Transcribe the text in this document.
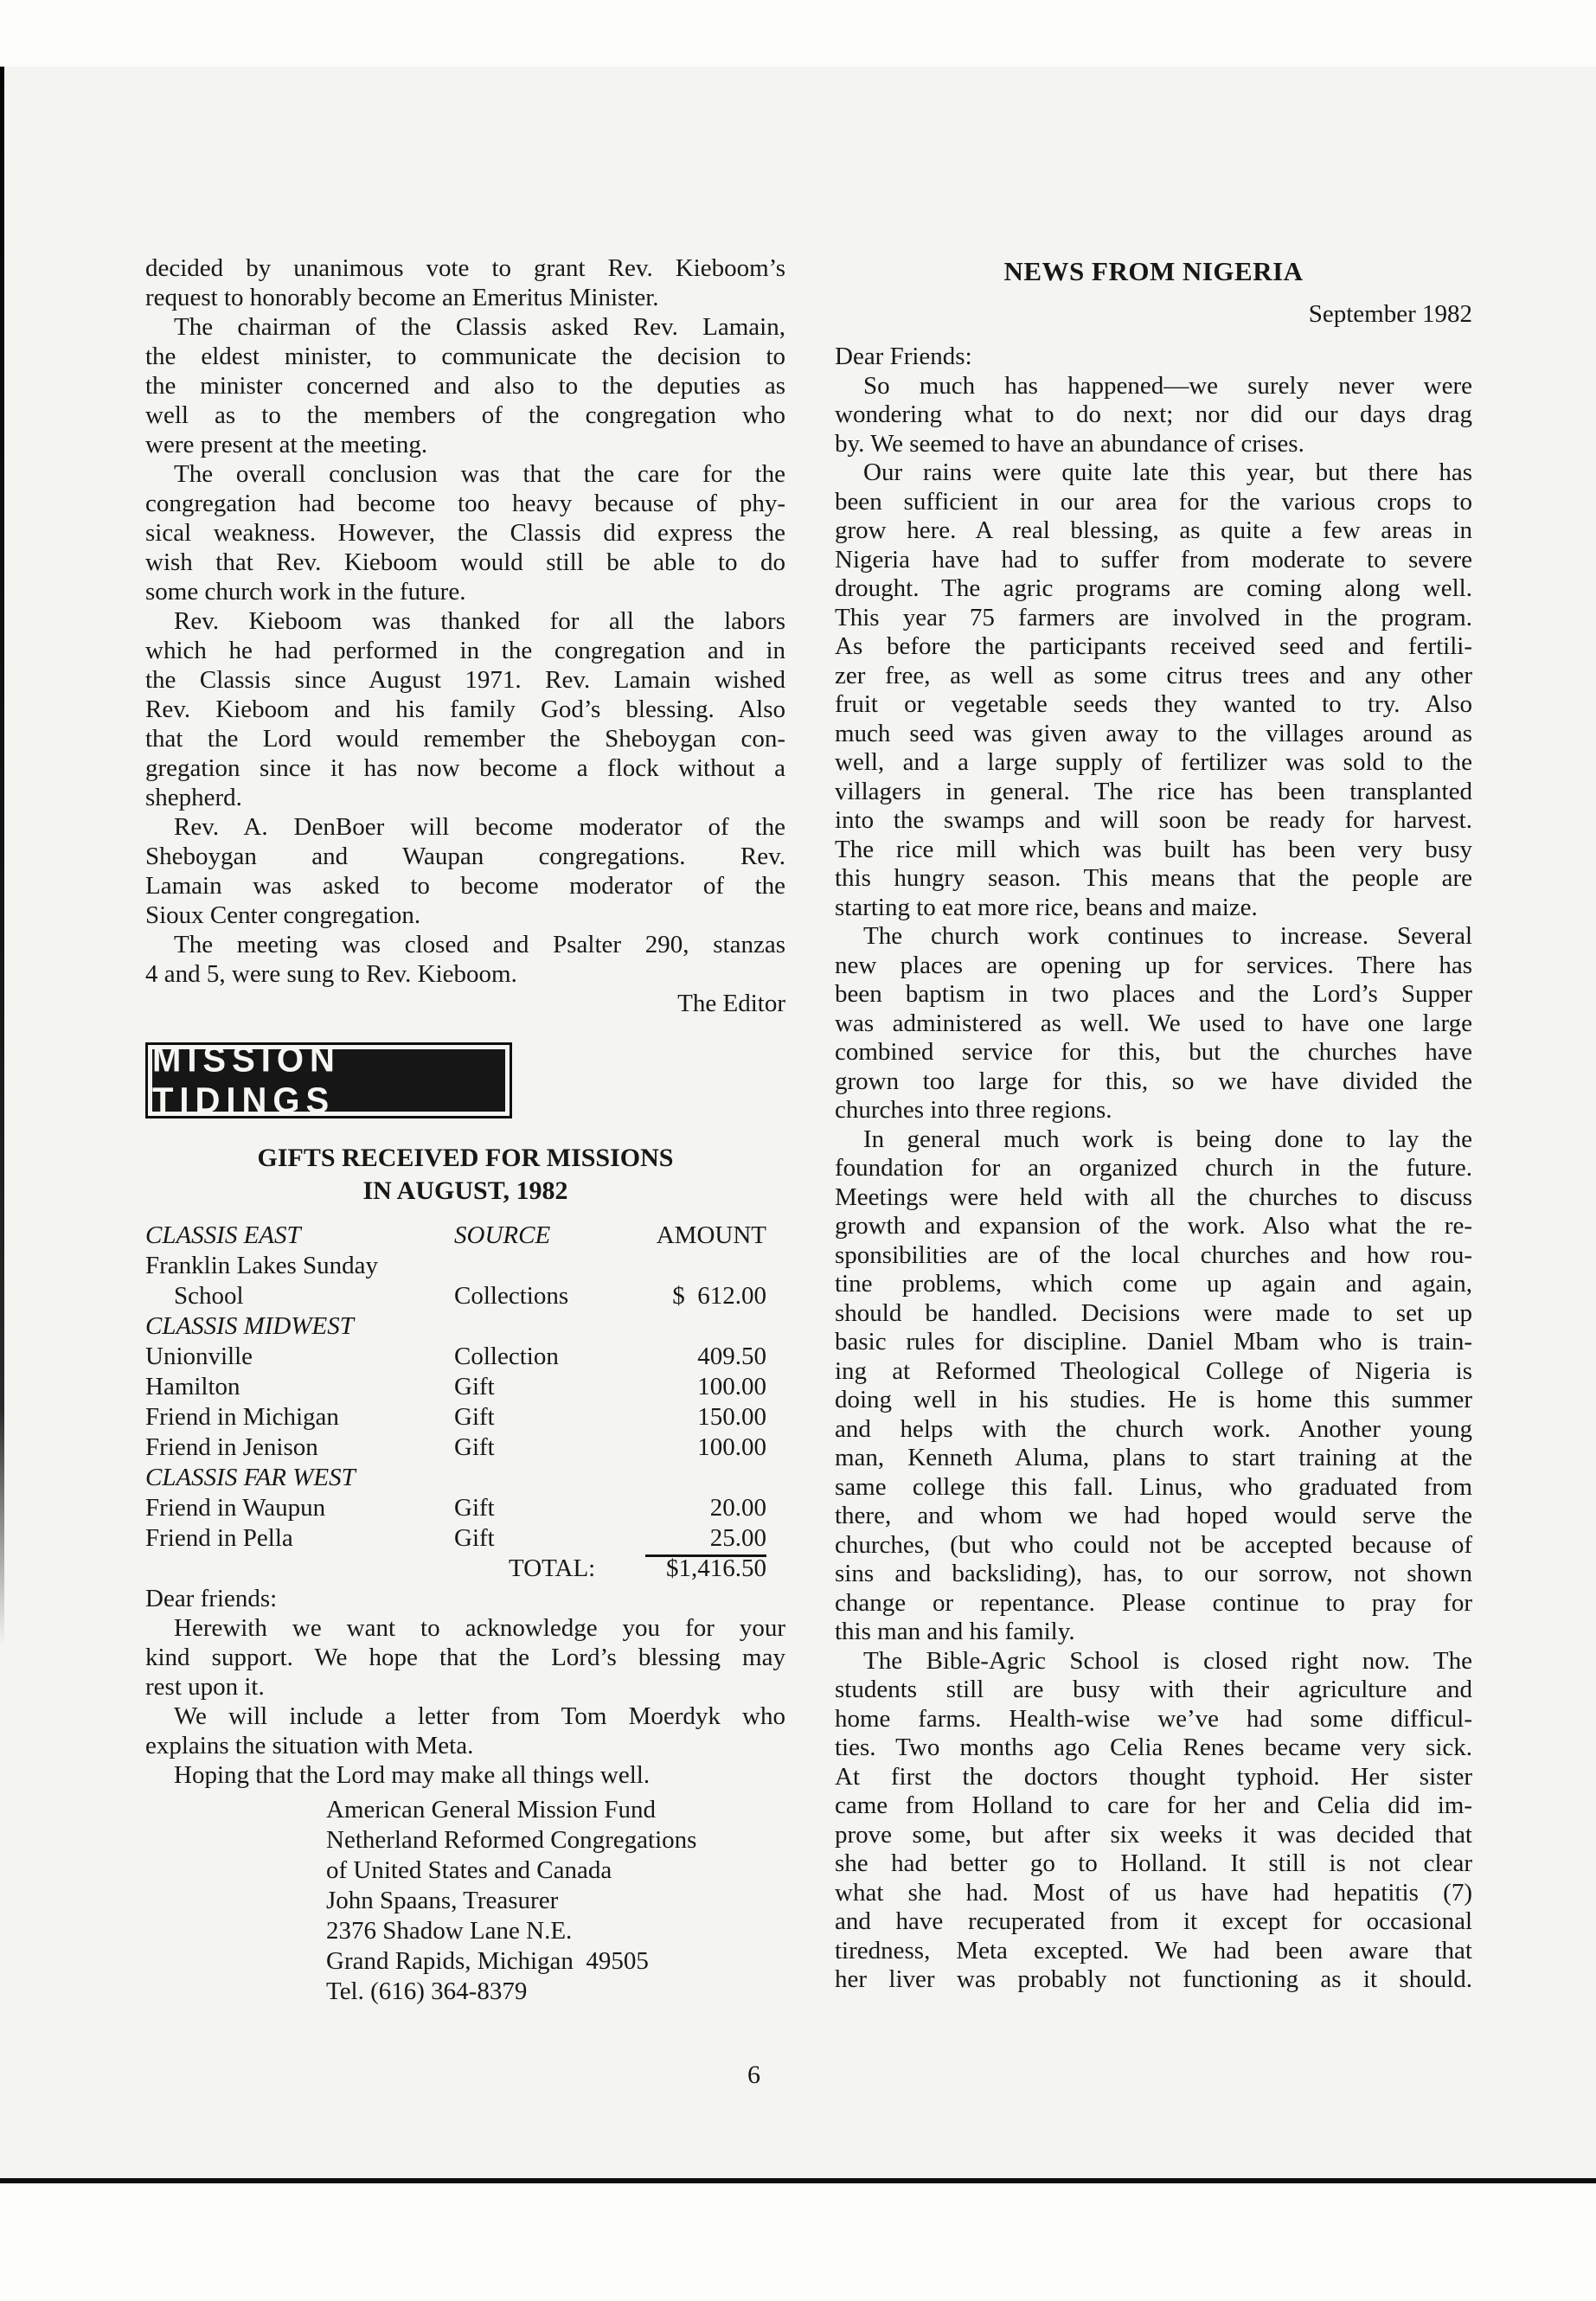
decided by unanimous vote to grant Rev. Kieboom’s
request to honorably become an Emeritus Minister.
The chairman of the Classis asked Rev. Lamain,
the eldest minister, to communicate the decision to
the minister concerned and also to the deputies as
well as to the members of the congregation who
were present at the meeting.
The overall conclusion was that the care for the
congregation had become too heavy because of phy-
sical weakness. However, the Classis did express the
wish that Rev. Kieboom would still be able to do
some church work in the future.
Rev. Kieboom was thanked for all the labors
which he had performed in the congregation and in
the Classis since August 1971. Rev. Lamain wished
Rev. Kieboom and his family God’s blessing. Also
that the Lord would remember the Sheboygan con-
gregation since it has now become a flock without a
shepherd.
Rev. A. DenBoer will become moderator of the
Sheboygan and Waupan congregations. Rev.
Lamain was asked to become moderator of the
Sioux Center congregation.
The meeting was closed and Psalter 290, stanzas
4 and 5, were sung to Rev. Kieboom.
The Editor
MISSION TIDINGS
GIFTS RECEIVED FOR MISSIONS
IN AUGUST, 1982
CLASSIS EAST	SOURCE	AMOUNT
Franklin Lakes Sunday
School	Collections	$  612.00
CLASSIS MIDWEST
Unionville	Collection	409.50
Hamilton	Gift	100.00
Friend in Michigan	Gift	150.00
Friend in Jenison	Gift	100.00
CLASSIS FAR WEST
Friend in Waupun	Gift	20.00
Friend in Pella	Gift	25.00
TOTAL:	$1,416.50
Dear friends:
Herewith we want to acknowledge you for your
kind support. We hope that the Lord’s blessing may
rest upon it.
We will include a letter from Tom Moerdyk who
explains the situation with Meta.
Hoping that the Lord may make all things well.
American General Mission Fund
Netherland Reformed Congregations
of United States and Canada
John Spaans, Treasurer
2376 Shadow Lane N.E.
Grand Rapids, Michigan  49505
Tel. (616) 364-8379
NEWS FROM NIGERIA
September 1982
Dear Friends:
So much has happened—we surely never were
wondering what to do next; nor did our days drag
by. We seemed to have an abundance of crises.
Our rains were quite late this year, but there has
been sufficient in our area for the various crops to
grow here. A real blessing, as quite a few areas in
Nigeria have had to suffer from moderate to severe
drought. The agric programs are coming along well.
This year 75 farmers are involved in the program.
As before the participants received seed and fertili-
zer free, as well as some citrus trees and any other
fruit or vegetable seeds they wanted to try. Also
much seed was given away to the villages around as
well, and a large supply of fertilizer was sold to the
villagers in general. The rice has been transplanted
into the swamps and will soon be ready for harvest.
The rice mill which was built has been very busy
this hungry season. This means that the people are
starting to eat more rice, beans and maize.
The church work continues to increase. Several
new places are opening up for services. There has
been baptism in two places and the Lord’s Supper
was administered as well. We used to have one large
combined service for this, but the churches have
grown too large for this, so we have divided the
churches into three regions.
In general much work is being done to lay the
foundation for an organized church in the future.
Meetings were held with all the churches to discuss
growth and expansion of the work. Also what the re-
sponsibilities are of the local churches and how rou-
tine problems, which come up again and again,
should be handled. Decisions were made to set up
basic rules for discipline. Daniel Mbam who is train-
ing at Reformed Theological College of Nigeria is
doing well in his studies. He is home this summer
and helps with the church work. Another young
man, Kenneth Aluma, plans to start training at the
same college this fall. Linus, who graduated from
there, and whom we had hoped would serve the
churches, (but who could not be accepted because of
sins and backsliding), has, to our sorrow, not shown
change or repentance. Please continue to pray for
this man and his family.
The Bible-Agric School is closed right now. The
students still are busy with their agriculture and
home farms. Health-wise we’ve had some difficul-
ties. Two months ago Celia Renes became very sick.
At first the doctors thought typhoid. Her sister
came from Holland to care for her and Celia did im-
prove some, but after six weeks it was decided that
she had better go to Holland. It still is not clear
what she had. Most of us have had hepatitis (7)
and have recuperated from it except for occasional
tiredness, Meta excepted. We had been aware that
her liver was probably not functioning as it should.
6
